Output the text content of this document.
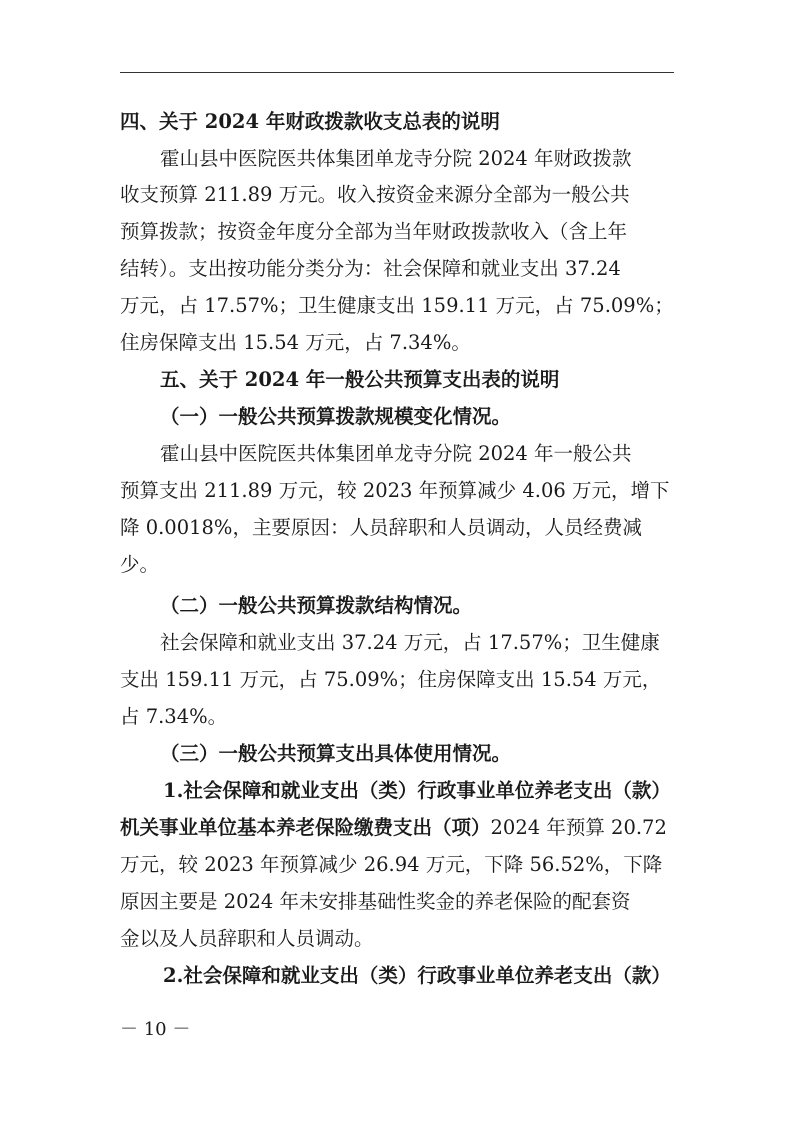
四、关于 2024 年财政拨款收支总表的说明
霍山县中医院医共体集团单龙寺分院 2024 年财政拨款
收支预算 211.89 万元。收入按资金来源分全部为一般公共
预算拨款；按资金年度分全部为当年财政拨款收入（含上年
结转）。支出按功能分类分为：社会保障和就业支出 37.24
万元，占 17.57%；卫生健康支出 159.11 万元，占 75.09%；
住房保障支出 15.54 万元，占 7.34%。
五、关于 2024 年一般公共预算支出表的说明
（一）一般公共预算拨款规模变化情况。
霍山县中医院医共体集团单龙寺分院 2024 年一般公共
预算支出 211.89 万元，较 2023 年预算减少 4.06 万元，增下
降 0.0018%，主要原因：人员辞职和人员调动，人员经费减
少。
（二）一般公共预算拨款结构情况。
社会保障和就业支出 37.24 万元，占 17.57%；卫生健康
支出 159.11 万元，占 75.09%；住房保障支出 15.54 万元，
占 7.34%。
（三）一般公共预算支出具体使用情况。
1.社会保障和就业支出（类）行政事业单位养老支出（款）
机关事业单位基本养老保险缴费支出（项）2024 年预算 20.72
万元，较 2023 年预算减少 26.94 万元，下降 56.52%，下降
原因主要是 2024 年未安排基础性奖金的养老保险的配套资
金以及人员辞职和人员调动。
2.社会保障和就业支出（类）行政事业单位养老支出（款）
－ 10 －
